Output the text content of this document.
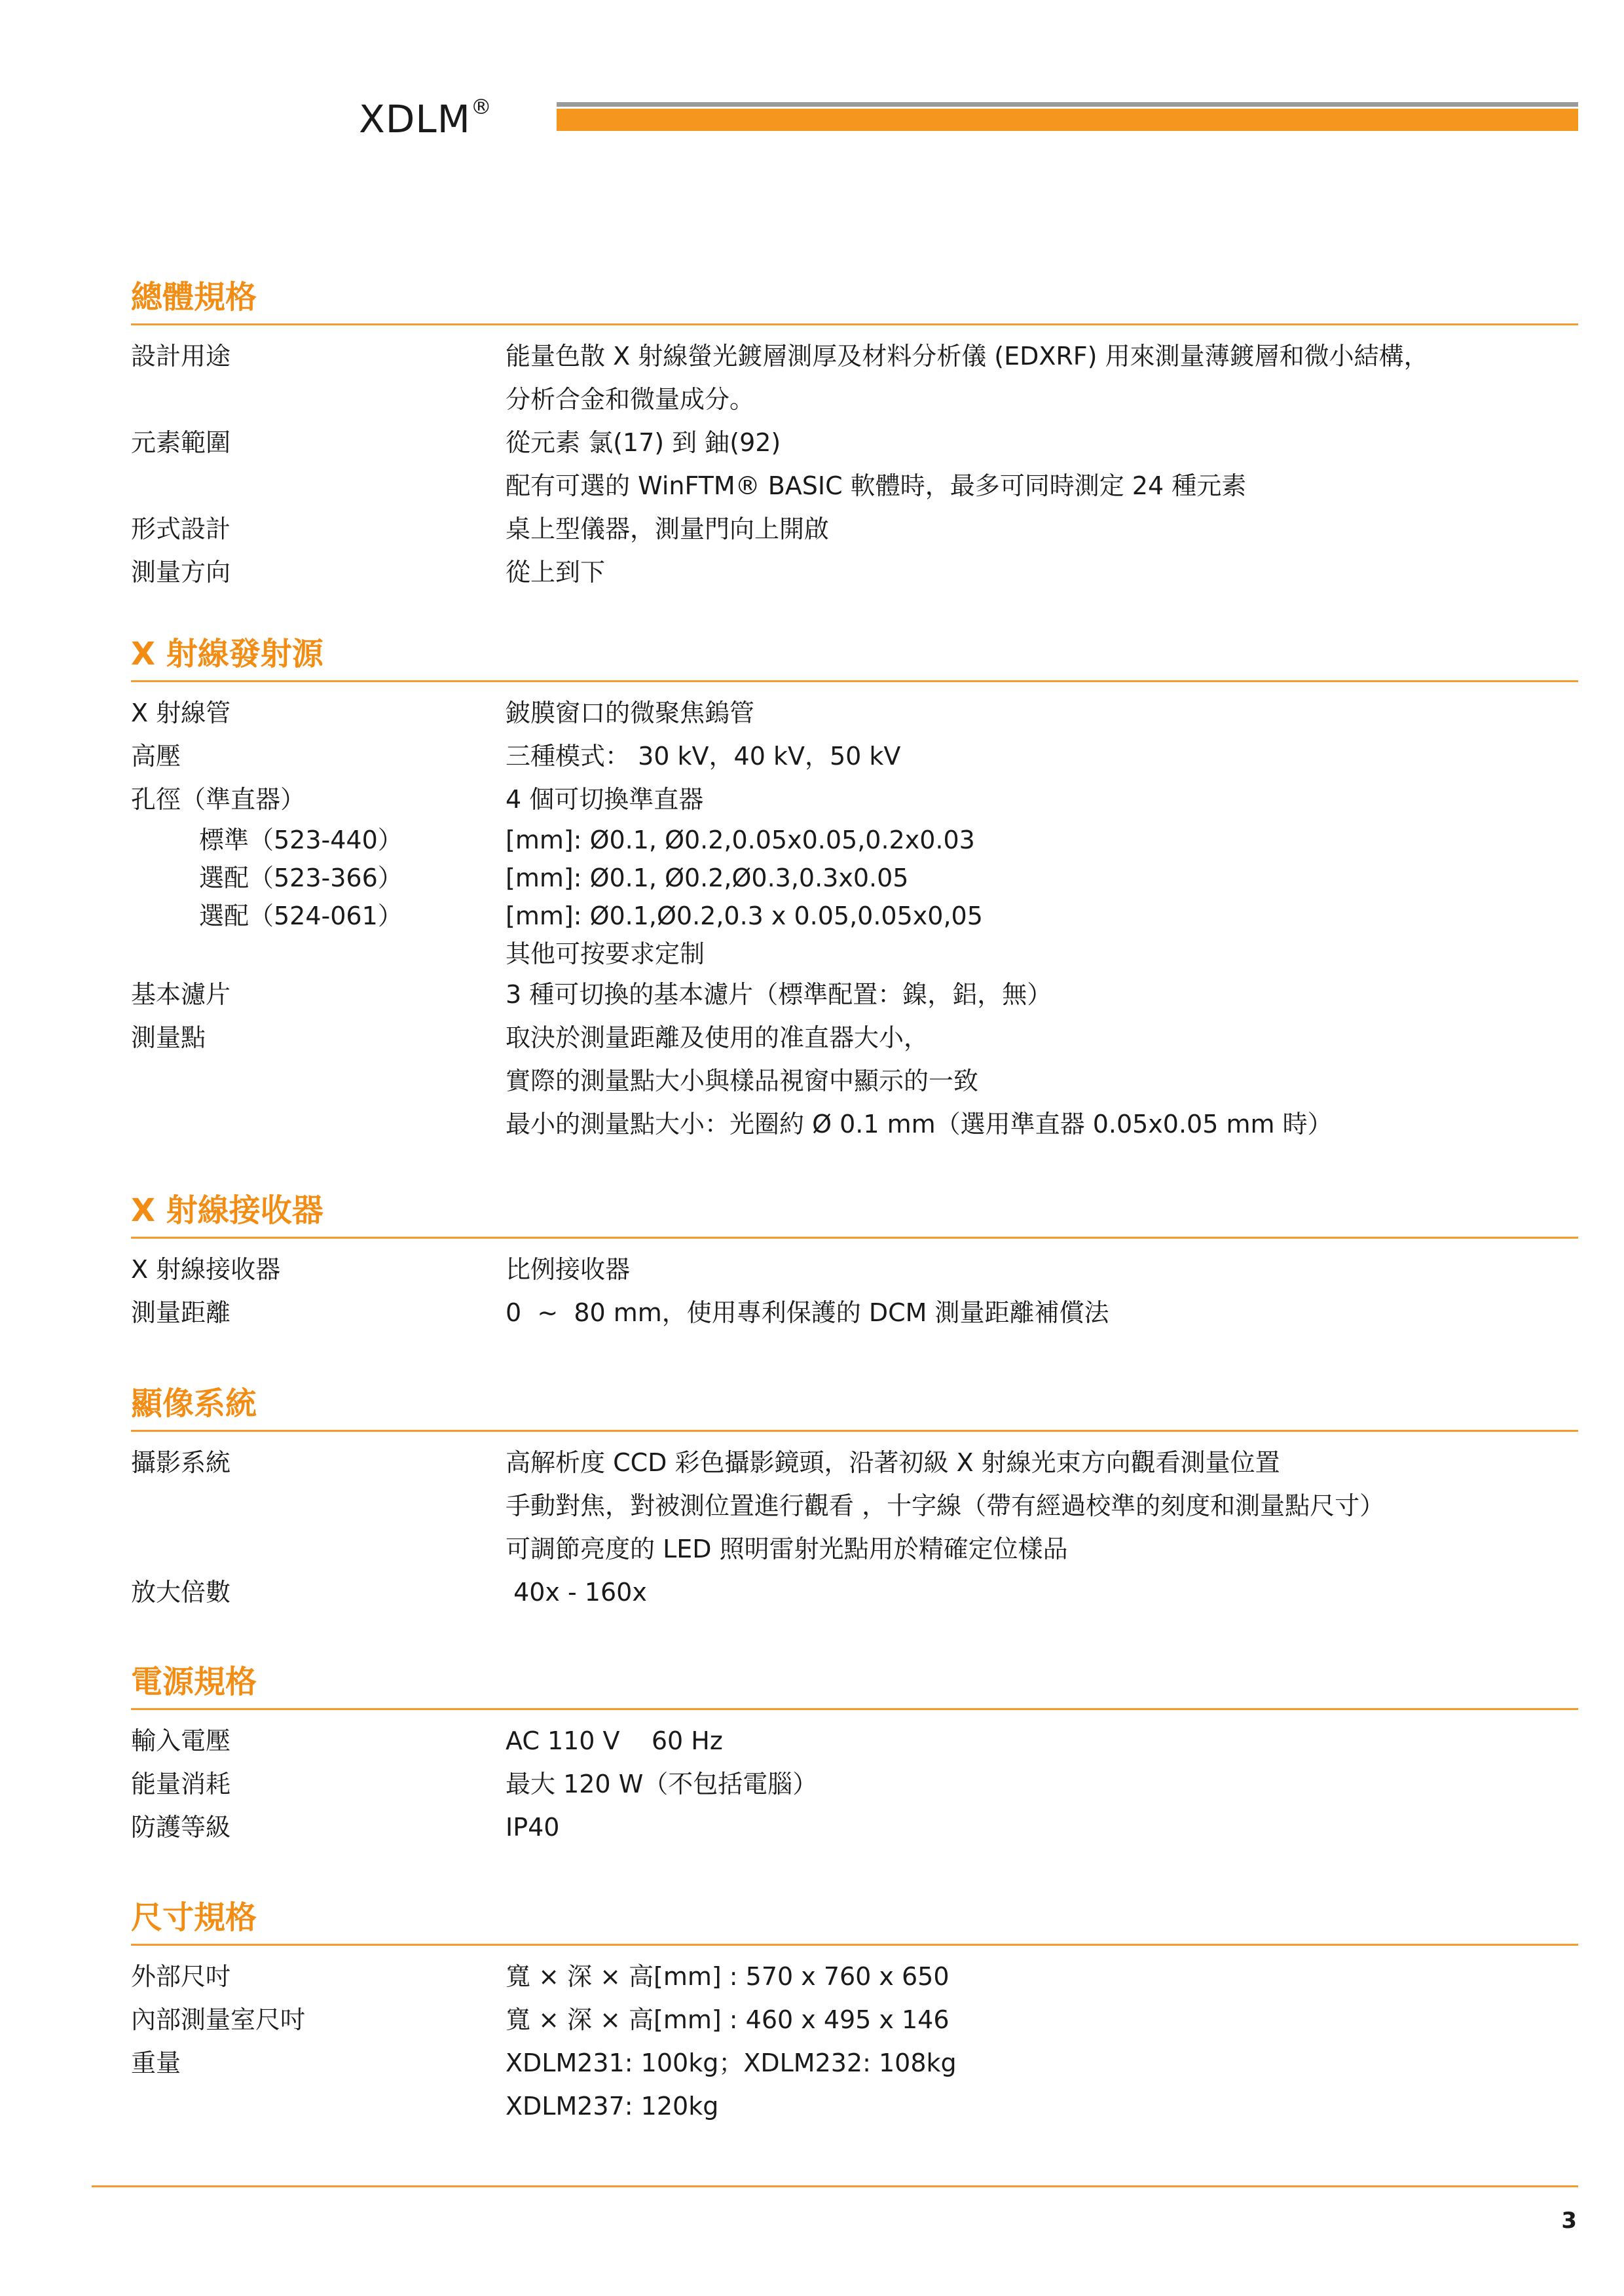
XDLM®
總體規格
設計用途	能量色散 X 射線螢光鍍層測厚及材料分析儀 (EDXRF) 用來測量薄鍍層和微小結構，
分析合金和微量成分。
元素範圍	從元素 氯(17) 到 鈾(92)
配有可選的 WinFTM® BASIC 軟體時，最多可同時測定 24 種元素
形式設計	桌上型儀器，測量門向上開啟
測量方向	從上到下
X 射線發射源
X 射線管	鈹膜窗口的微聚焦鎢管
高壓	三種模式： 30 kV，40 kV，50 kV
孔徑（準直器）	4 個可切換準直器
標準（523-440）	[mm]: Ø0.1, Ø0.2,0.05x0.05,0.2x0.03
選配（523-366）	[mm]: Ø0.1, Ø0.2,Ø0.3,0.3x0.05
選配（524-061）	[mm]: Ø0.1,Ø0.2,0.3 x 0.05,0.05x0,05
其他可按要求定制
基本濾片	3 種可切換的基本濾片（標準配置：鎳，鋁，無）
測量點	取決於測量距離及使用的准直器大小，
實際的測量點大小與樣品視窗中顯示的一致
最小的測量點大小：光圈約 Ø 0.1 mm（選用準直器 0.05x0.05 mm 時）
X 射線接收器
X 射線接收器	比例接收器
測量距離	0  ~  80 mm，使用專利保護的 DCM 測量距離補償法
顯像系統
攝影系統	高解析度 CCD 彩色攝影鏡頭，沿著初級 X 射線光束方向觀看測量位置
手動對焦，對被測位置進行觀看 ，十字線（帶有經過校準的刻度和測量點尺寸）
可調節亮度的 LED 照明雷射光點用於精確定位樣品
放大倍數	40x - 160x
電源規格
輸入電壓	AC 110 V    60 Hz
能量消耗	最大 120 W（不包括電腦）
防護等級	IP40
尺寸規格
外部尺吋	寬 × 深 × 高[mm] : 570 x 760 x 650
內部測量室尺吋	寬 × 深 × 高[mm] : 460 x 495 x 146
重量	XDLM231: 100kg；XDLM232: 108kg
XDLM237: 120kg
3
